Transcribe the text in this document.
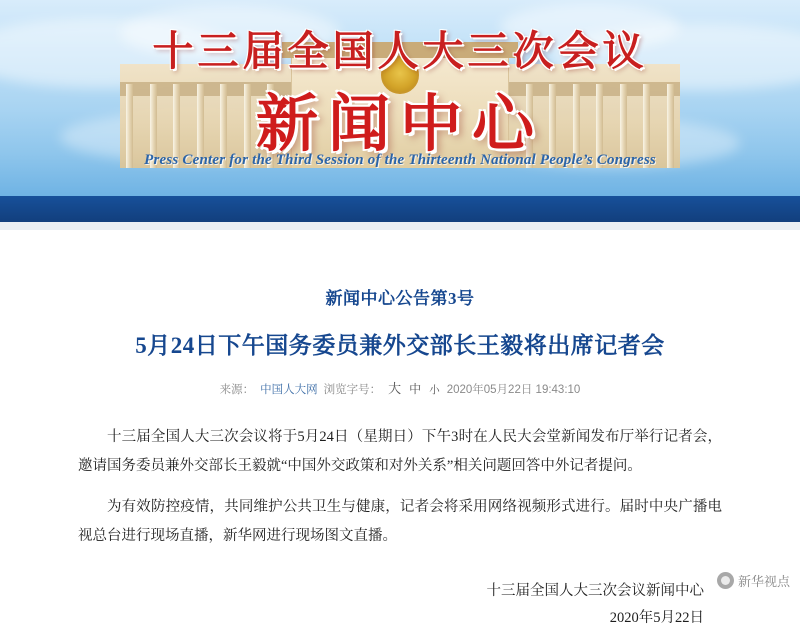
十三届全国人大三次会议
新闻中心
Press Center for the Third Session of the Thirteenth National People’s Congress
新闻中心公告第3号
5月24日下午国务委员兼外交部长王毅将出席记者会
来源： 中国人大网 浏览字号： 大 中 小 2020年05月22日 19:43:10

十三届全国人大三次会议将于5月24日（星期日）下午3时在人民大会堂新闻发布厅举行记者会，邀请国务委员兼外交部长王毅就“中国外交政策和对外关系”相关问题回答中外记者提问。

为有效防控疫情，共同维护公共卫生与健康，记者会将采用网络视频形式进行。届时中央广播电视总台进行现场直播，新华网进行现场图文直播。

十三届全国人大三次会议新闻中心
2020年5月22日
新华视点
